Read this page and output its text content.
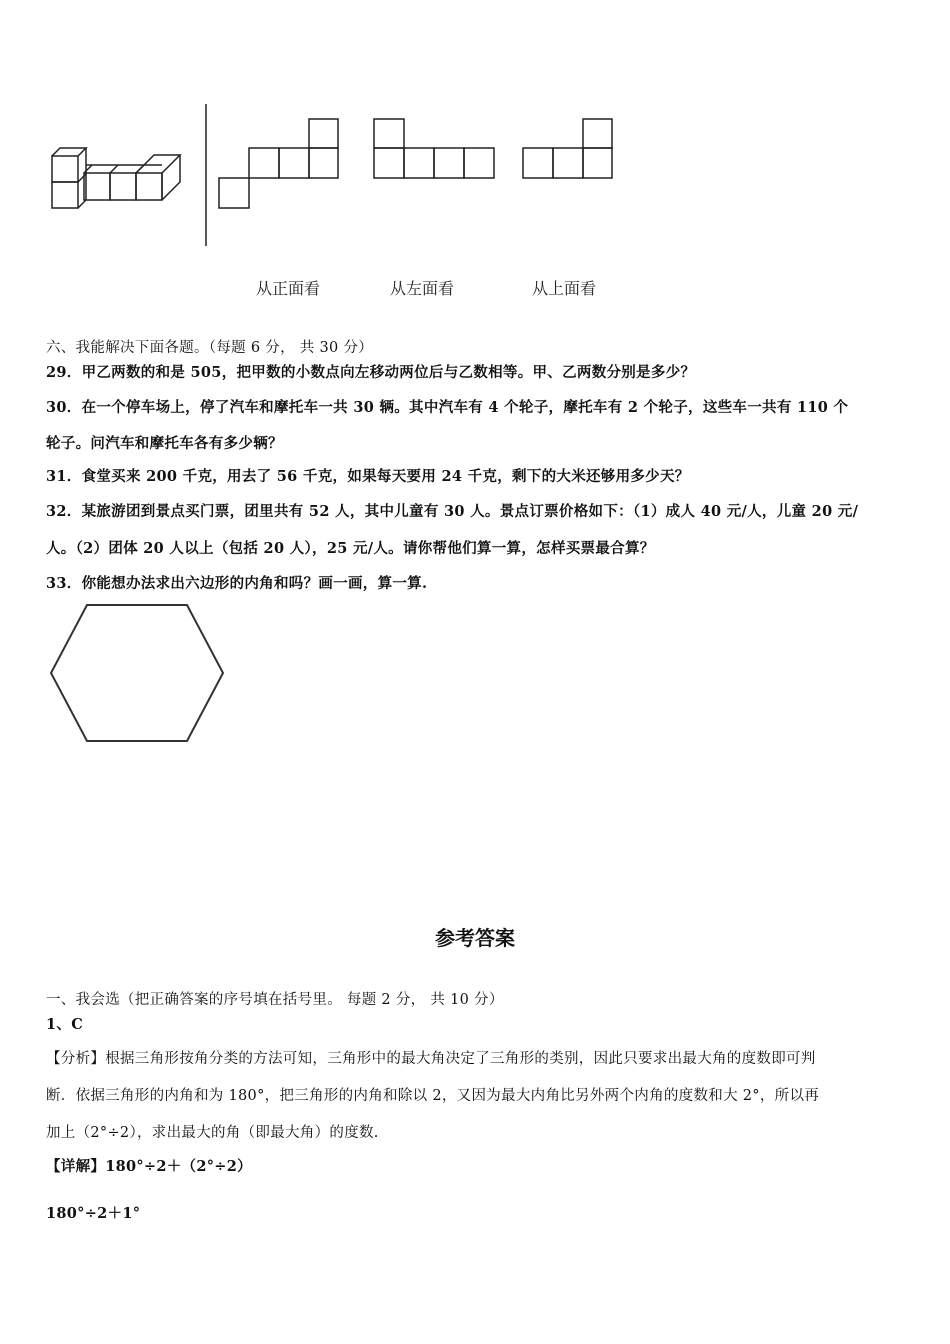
从正面看	从左面看	从上面看
六、我能解决下面各题。（每题 6 分， 共 30 分）
29．甲乙两数的和是 505，把甲数的小数点向左移动两位后与乙数相等。甲、乙两数分别是多少？
30．在一个停车场上，停了汽车和摩托车一共 30 辆。其中汽车有 4 个轮子，摩托车有 2 个轮子，这些车一共有 110 个
轮子。问汽车和摩托车各有多少辆？
31．食堂买来 200 千克，用去了 56 千克，如果每天要用 24 千克，剩下的大米还够用多少天？
32．某旅游团到景点买门票，团里共有 52 人，其中儿童有 30 人。景点订票价格如下：（1）成人 40 元/人，儿童 20 元/
人。（2）团体 20 人以上（包括 20 人），25 元/人。请你帮他们算一算，怎样买票最合算？
33．你能想办法求出六边形的内角和吗？画一画，算一算.
参考答案
一、我会选（把正确答案的序号填在括号里。 每题 2 分， 共 10 分）
1、C
【分析】根据三角形按角分类的方法可知，三角形中的最大角决定了三角形的类别，因此只要求出最大角的度数即可判
断．依据三角形的内角和为 180°，把三角形的内角和除以 2，又因为最大内角比另外两个内角的度数和大 2°，所以再
加上（2°÷2），求出最大的角（即最大角）的度数.
【详解】180°÷2＋（2°÷2）
180°÷2＋1°
